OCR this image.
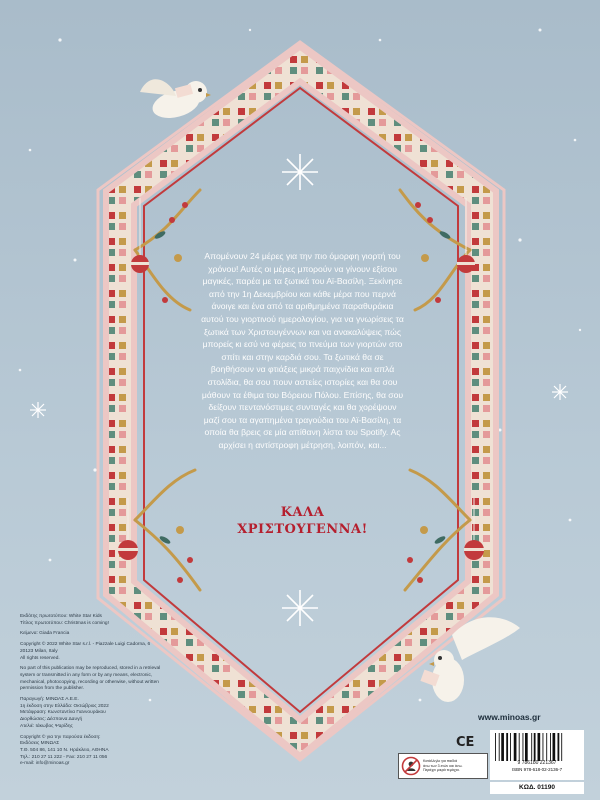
Απομένουν 24 μέρες για την πιο όμορφη γιορτή του χρόνου! Αυτές οι μέρες μπορούν να γίνουν εξίσου μαγικές, παρέα με τα ξωτικά του Αϊ-Βασίλη. Ξεκίνησε από την 1η Δεκεμβρίου και κάθε μέρα που περνά άνοιγε και ένα από τα αριθμημένα παραθυράκια αυτού του γιορτινού ημερολογίου, για να γνωρίσεις τα ξωτικά των Χριστουγέννων και να ανακαλύψεις πώς μπορείς κι εσύ να φέρεις το πνεύμα των γιορτών στο σπίτι και στην καρδιά σου. Τα ξωτικά θα σε βοηθήσουν να φτιάξεις μικρά παιχνίδια και απλά στολίδια, θα σου πουν αστείες ιστορίες και θα σου μάθουν τα έθιμα του Βόρειου Πόλου. Επίσης, θα σου δείξουν πεντανόστιμες συνταγές και θα χορέψουν μαζί σου τα αγαπημένα τραγούδια του Αϊ-Βασίλη, τα οποία θα βρεις σε μία απίθανη λίστα του Spotify. Ας αρχίσει η αντίστροφη μέτρηση, λοιπόν, και...

ΚΑΛΑ
ΧΡΙΣΤΟΥΓΕΝΝΑ!

Εκδότης πρωτοτύπου: White Star Kids

Τίτλος πρωτοτύπου: Christmas is coming!

Κείμενα: Giada Francia

Copyright © 2022 White Star s.r.l. - Piazzale Luigi Cadorna, 6

20123 Milan, Italy

All rights reserved.

No part of this publication may be reproduced, stored in a retrieval

system or transmitted in any form or by any means, electronic,

mechanical, photocopying, recording or otherwise, without written

permission from the publisher.

Παραγωγή: ΜΙΝΩΑΣ Α.Ε.Ε.

1η έκδοση στην Ελλάδα: Οκτώβριος 2022

Μετάφραση: Κωνσταντίνα Γιαννουράκου

Διορθώσεις: Δέσποινα Δαυγή

Ατελιέ: Ιάκωβος Ψαρίδης

Copyright © για την παρούσα έκδοση:

Εκδόσεις ΜΙΝΩΑΣ

Τ.Θ. 504 86, 141 10 Ν. Ηράκλειο, ΑΘΗΝΑ

Τηλ.: 210 27 11 222 - Fax: 210 27 11 056

e-mail: info@minoas.gr

www.minoas.gr
CE
Κατάλληλο για παιδιά
άνω των 3 ετών και άνω.
Περιέχει μικρά τεμάχια.
9 786180 221367
ISBN 978-618-02-2136-7
ΚΩΔ. 01190
